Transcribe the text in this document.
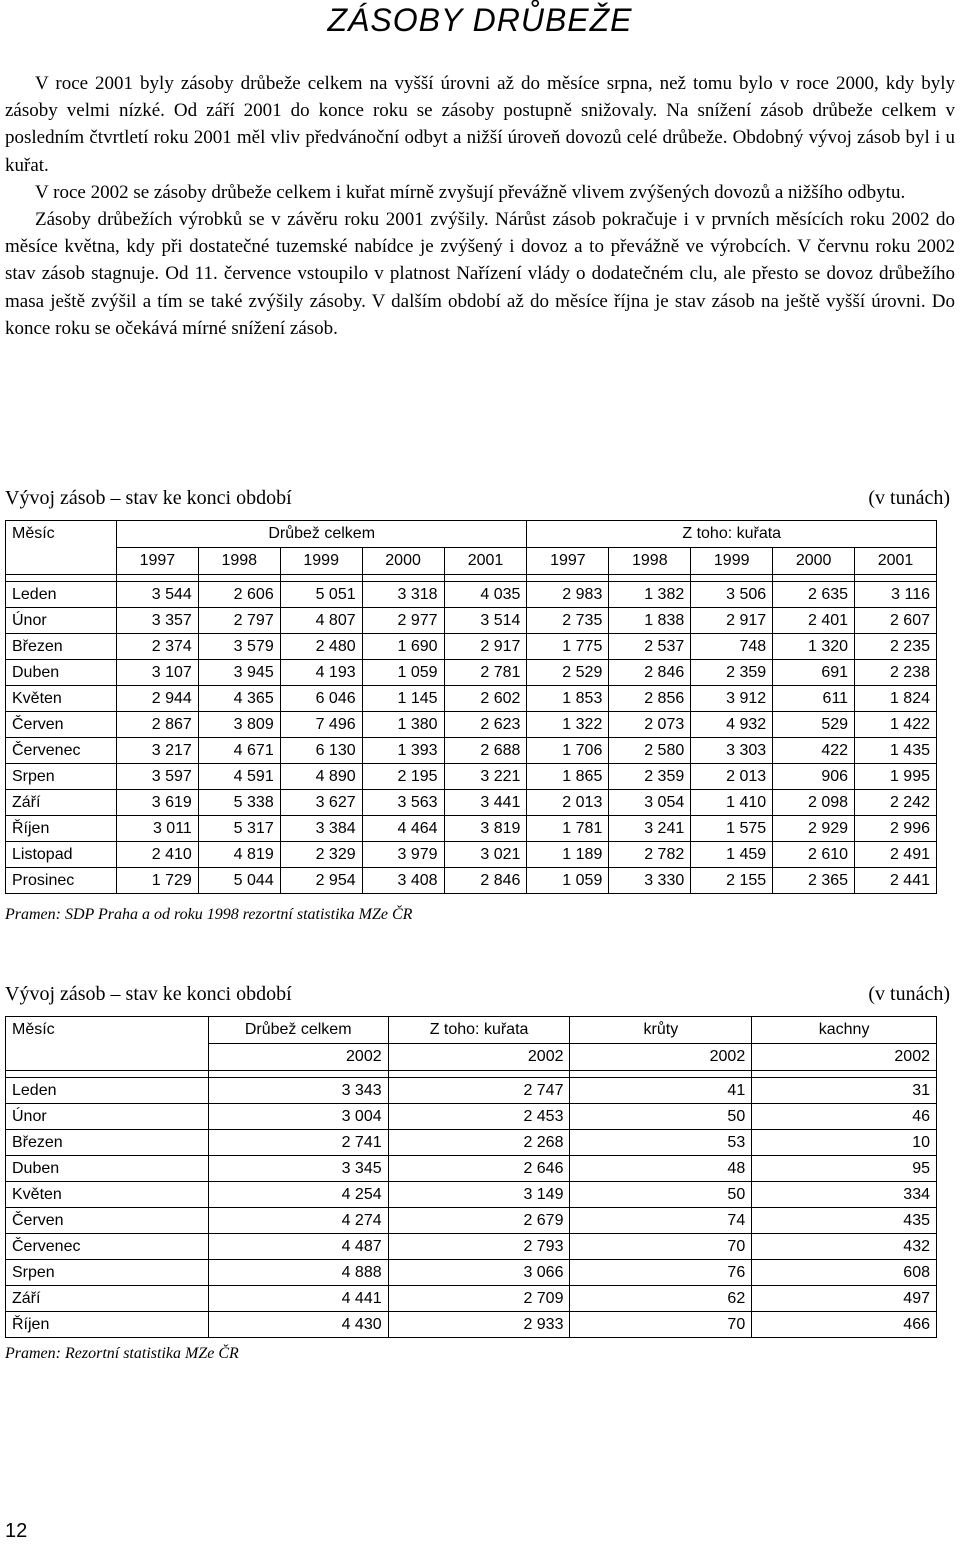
ZÁSOBY DRŮBEŽE

V roce 2001 byly zásoby drůbeže celkem na vyšší úrovni až do měsíce srpna, než tomu bylo v roce 2000, kdy byly zásoby velmi nízké. Od září 2001 do konce roku se zásoby postupně snižovaly. Na snížení zásob drůbeže celkem v posledním čtvrtletí roku 2001 měl vliv předvánoční odbyt a nižší úroveň dovozů celé drůbeže. Obdobný vývoj zásob byl i u kuřat.

V roce 2002 se zásoby drůbeže celkem i kuřat mírně zvyšují převážně vlivem zvýšených dovozů a nižšího odbytu.

Zásoby drůbežích výrobků se v závěru roku 2001 zvýšily. Nárůst zásob pokračuje i v prvních měsících roku 2002 do měsíce května, kdy při dostatečné tuzemské nabídce je zvýšený i dovoz a to převážně ve výrobcích. V červnu roku 2002 stav zásob stagnuje. Od 11. července vstoupilo v platnost Nařízení vlády o dodatečném clu, ale přesto se dovoz drůbežího masa ještě zvýšil a tím se také zvýšily zásoby. V dalším období až do měsíce října je stav zásob na ještě vyšší úrovni. Do konce roku se očekává mírné snížení zásob.

Vývoj zásob – stav ke konci období	(v tunách)
Měsíc	Drůbež celkem					Z toho: kuřata				
	1997	1998	1999	2000	2001	1997	1998	1999	2000	2001

Leden	3 544	2 606	5 051	3 318	4 035	2 983	1 382	3 506	2 635	3 116
Únor	3 357	2 797	4 807	2 977	3 514	2 735	1 838	2 917	2 401	2 607
Březen	2 374	3 579	2 480	1 690	2 917	1 775	2 537	748	1 320	2 235
Duben	3 107	3 945	4 193	1 059	2 781	2 529	2 846	2 359	691	2 238
Květen	2 944	4 365	6 046	1 145	2 602	1 853	2 856	3 912	611	1 824
Červen	2 867	3 809	7 496	1 380	2 623	1 322	2 073	4 932	529	1 422
Červenec	3 217	4 671	6 130	1 393	2 688	1 706	2 580	3 303	422	1 435
Srpen	3 597	4 591	4 890	2 195	3 221	1 865	2 359	2 013	906	1 995
Září	3 619	5 338	3 627	3 563	3 441	2 013	3 054	1 410	2 098	2 242
Říjen	3 011	5 317	3 384	4 464	3 819	1 781	3 241	1 575	2 929	2 996
Listopad	2 410	4 819	2 329	3 979	3 021	1 189	2 782	1 459	2 610	2 491
Prosinec	1 729	5 044	2 954	3 408	2 846	1 059	3 330	2 155	2 365	2 441
Pramen: SDP Praha a od roku 1998 rezortní statistika MZe ČR
Vývoj zásob – stav ke konci období	(v tunách)
Měsíc	Drůbež celkem	Z toho: kuřata	krůty	kachny
	2002	2002	2002	2002

Leden	3 343	2 747	41	31
Únor	3 004	2 453	50	46
Březen	2 741	2 268	53	10
Duben	3 345	2 646	48	95
Květen	4 254	3 149	50	334
Červen	4 274	2 679	74	435
Červenec	4 487	2 793	70	432
Srpen	4 888	3 066	76	608
Září	4 441	2 709	62	497
Říjen	4 430	2 933	70	466
Pramen: Rezortní statistika MZe ČR
12
